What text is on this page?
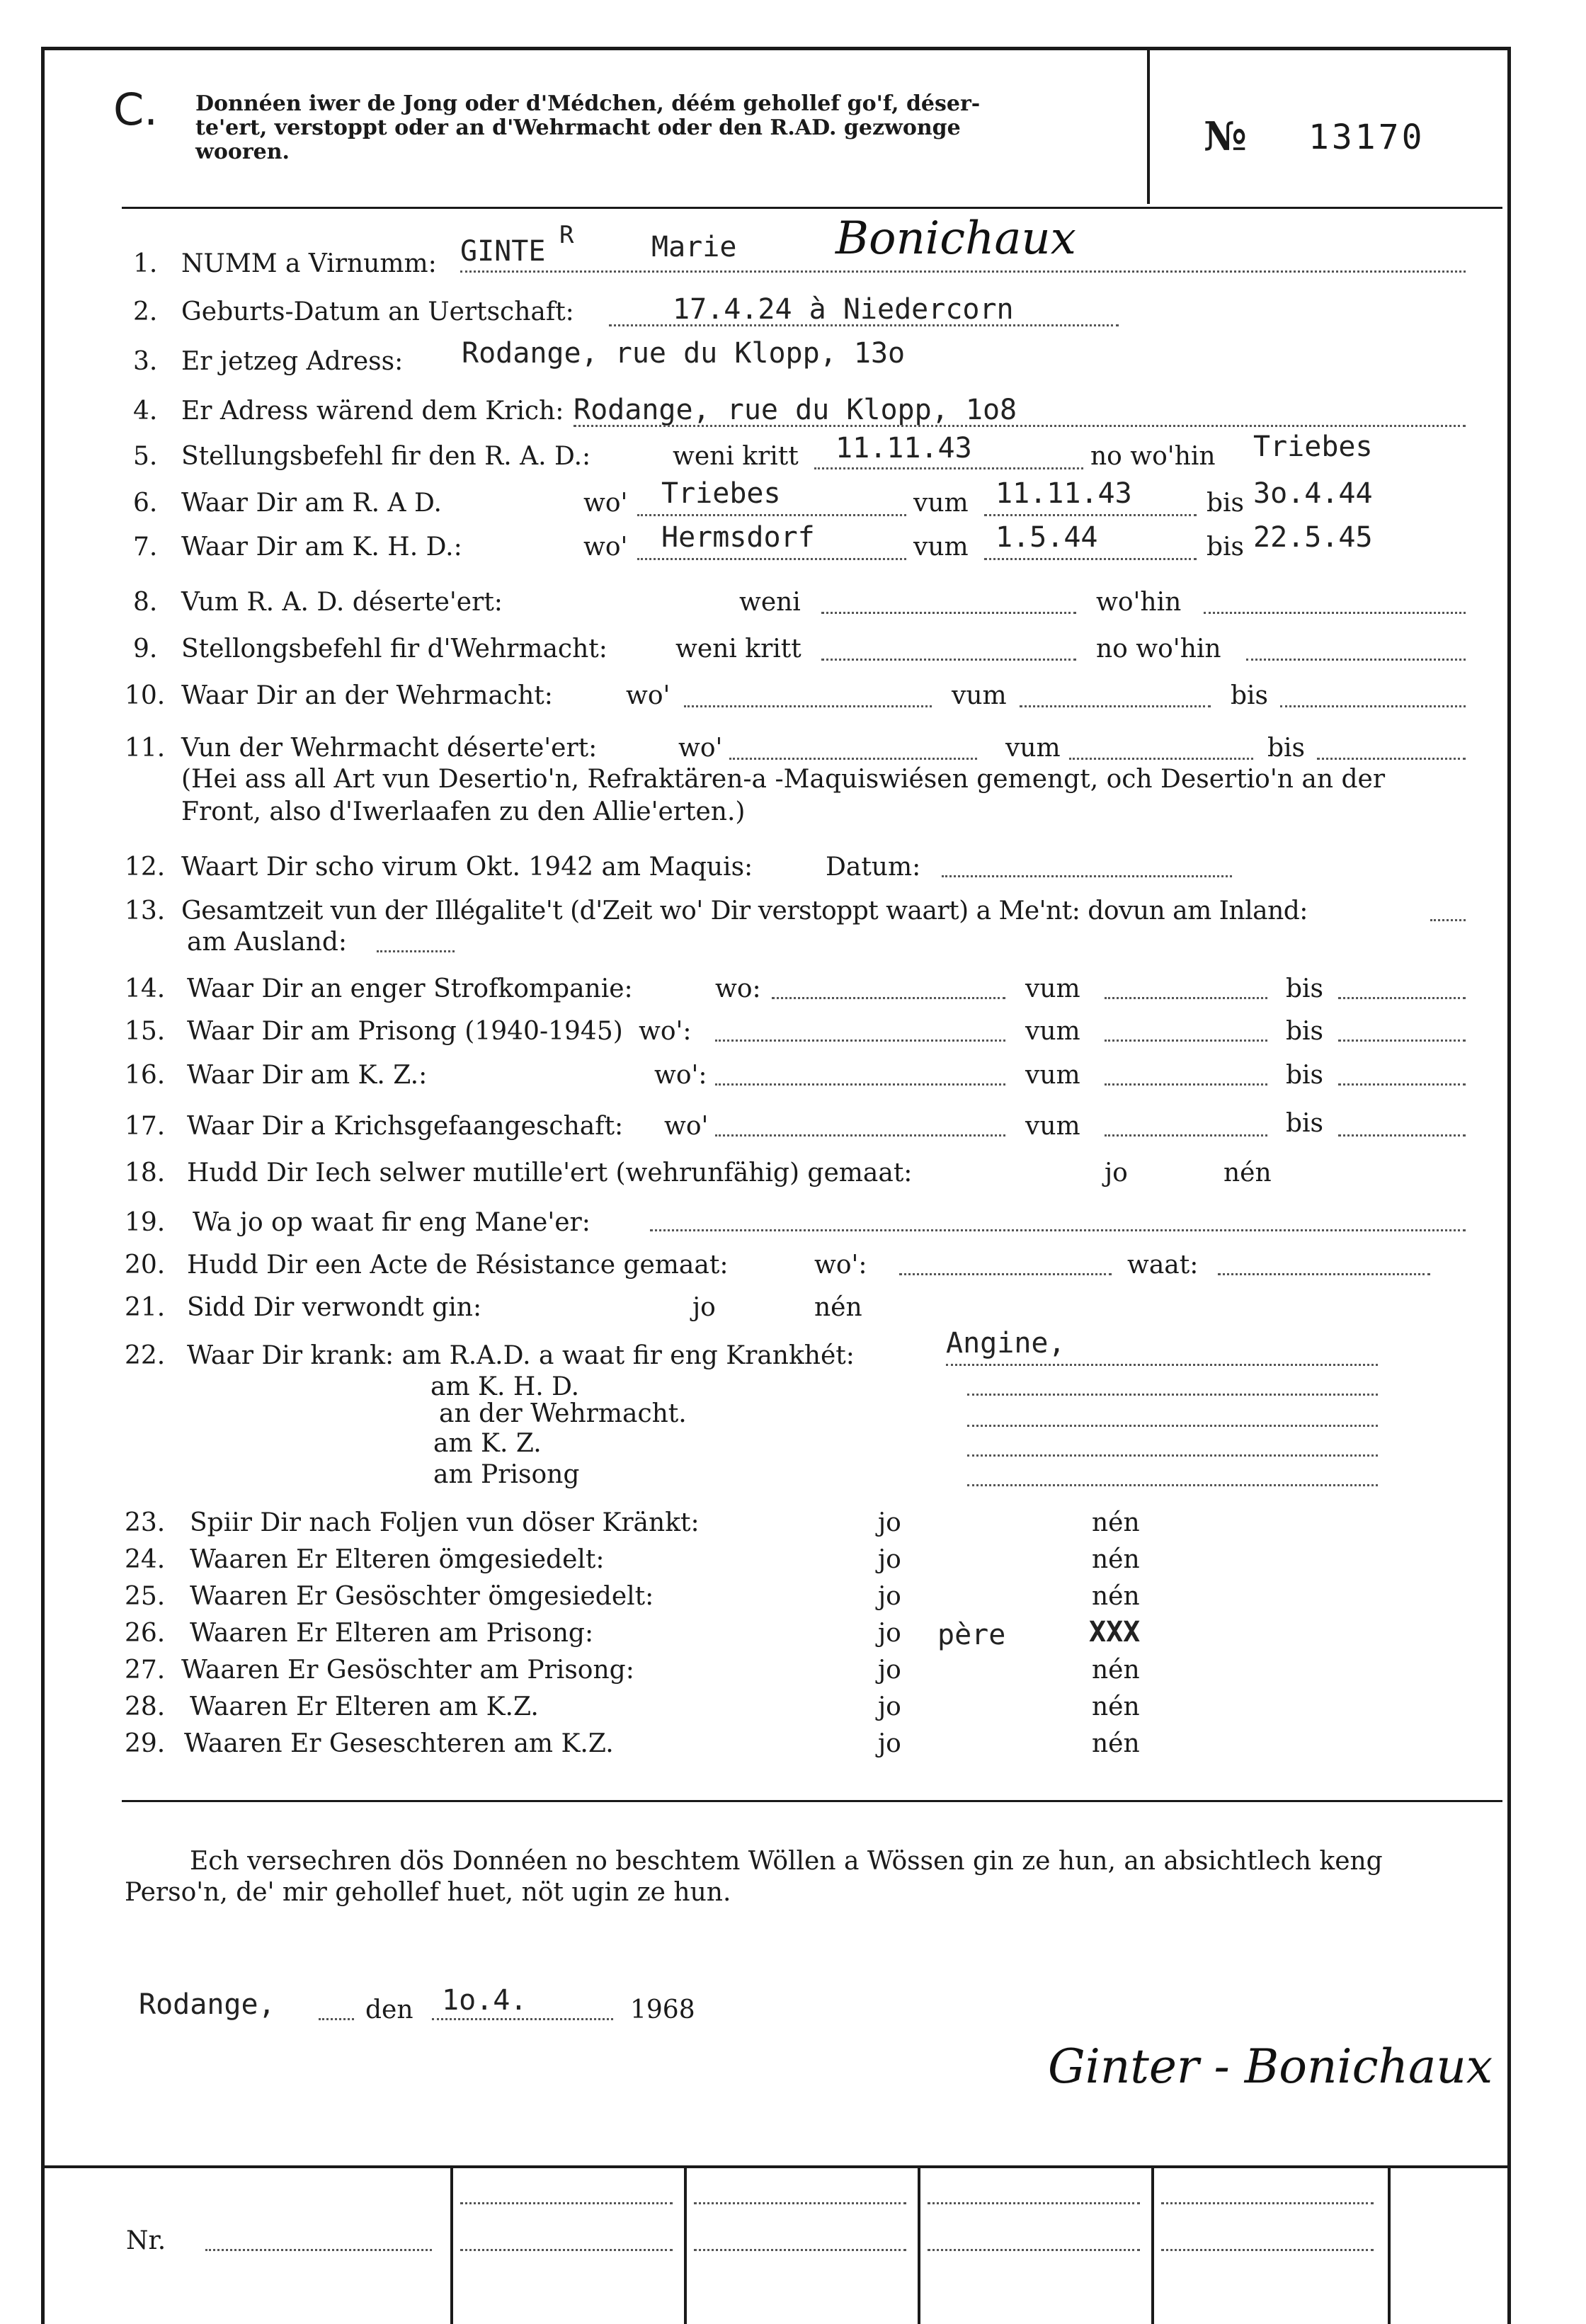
C. Donnéen iwer de Jong oder d'Médchen, déém gehollef go'f, déser-
te'ert, verstoppt oder an d'Wehrmacht oder den R.AD. gezwonge
wooren.	№ 13170
1. NUMM a Virnumm: GINTE R	Marie Bonichaux
2. Geburts-Datum an Uertschaft:	17.4.24 à Niedercorn
3. Er jetzeg Adress: Rodange, rue du Klopp, 13o
4. Er Adress wärend dem Krich: Rodange, rue du Klopp, 1o8
5. Stellungsbefehl fir den R. A. D.:	weni kritt 11.11.43	no wo'hin Triebes
6. Waar Dir am R. A D.	wo' Triebes	vum 11.11.43	bis 3o.4.44
7. Waar Dir am K. H. D.:	wo' Hermsdorf	vum 1.5.44	bis 22.5.45
8. Vum R. A. D. déserte'ert:	weni	wo'hin
9. Stellongsbefehl fir d'Wehrmacht:	weni kritt	no wo'hin
10. Waar Dir an der Wehrmacht:	wo'	vum	bis
11. Vun der Wehrmacht déserte'ert:	wo'	vum	bis
(Hei ass all Art vun Desertio'n, Refraktären-a -Maquiswiésen gemengt, och Desertio'n an der
Front, also d'Iwerlaafen zu den Allie'erten.)
12. Waart Dir scho virum Okt. 1942 am Maquis:	Datum:
13. Gesamtzeit vun der Illégalite't (d'Zeit wo' Dir verstoppt waart) a Me'nt: dovun am Inland:
am Ausland:
14. Waar Dir an enger Strofkompanie:	wo:	vum	bis
15. Waar Dir am Prisong (1940-1945) wo':	vum	bis
16. Waar Dir am K. Z.:	wo':	vum	bis
17. Waar Dir a Krichsgefaangeschaft: wo'	vum	bis
18. Hudd Dir Iech selwer mutille'ert (wehrunfähig) gemaat:	jo	nén
19. Wa jo op waat fir eng Mane'er:
20. Hudd Dir een Acte de Résistance gemaat:	wo':	waat:
21. Sidd Dir verwondt gin:	jo	nén
22. Waar Dir krank: am R.A.D. a waat fir eng Krankhét:	Angine,
am K. H. D.
an der Wehrmacht.
am K. Z.
am Prisong
23. Spiir Dir nach Foljen vun döser Kränkt:	jo	nén
24. Waaren Er Elteren ömgesiedelt:	jo	nén
25. Waaren Er Gesöschter ömgesiedelt:	jo	nén
26. Waaren Er Elteren am Prisong:	jo père	XXX
27. Waaren Er Gesöschter am Prisong:	jo	nén
28. Waaren Er Elteren am K.Z.	jo	nén
29. Waaren Er Geseschteren am K.Z.	jo	nén
Ech versechren dös Donnéen no beschtem Wöllen a Wössen gin ze hun, an absichtlech keng
Perso'n, de' mir gehollef huet, nöt ugin ze hun.
Rodange,	den 1o.4.	1968
Ginter - Bonichaux
Nr.
